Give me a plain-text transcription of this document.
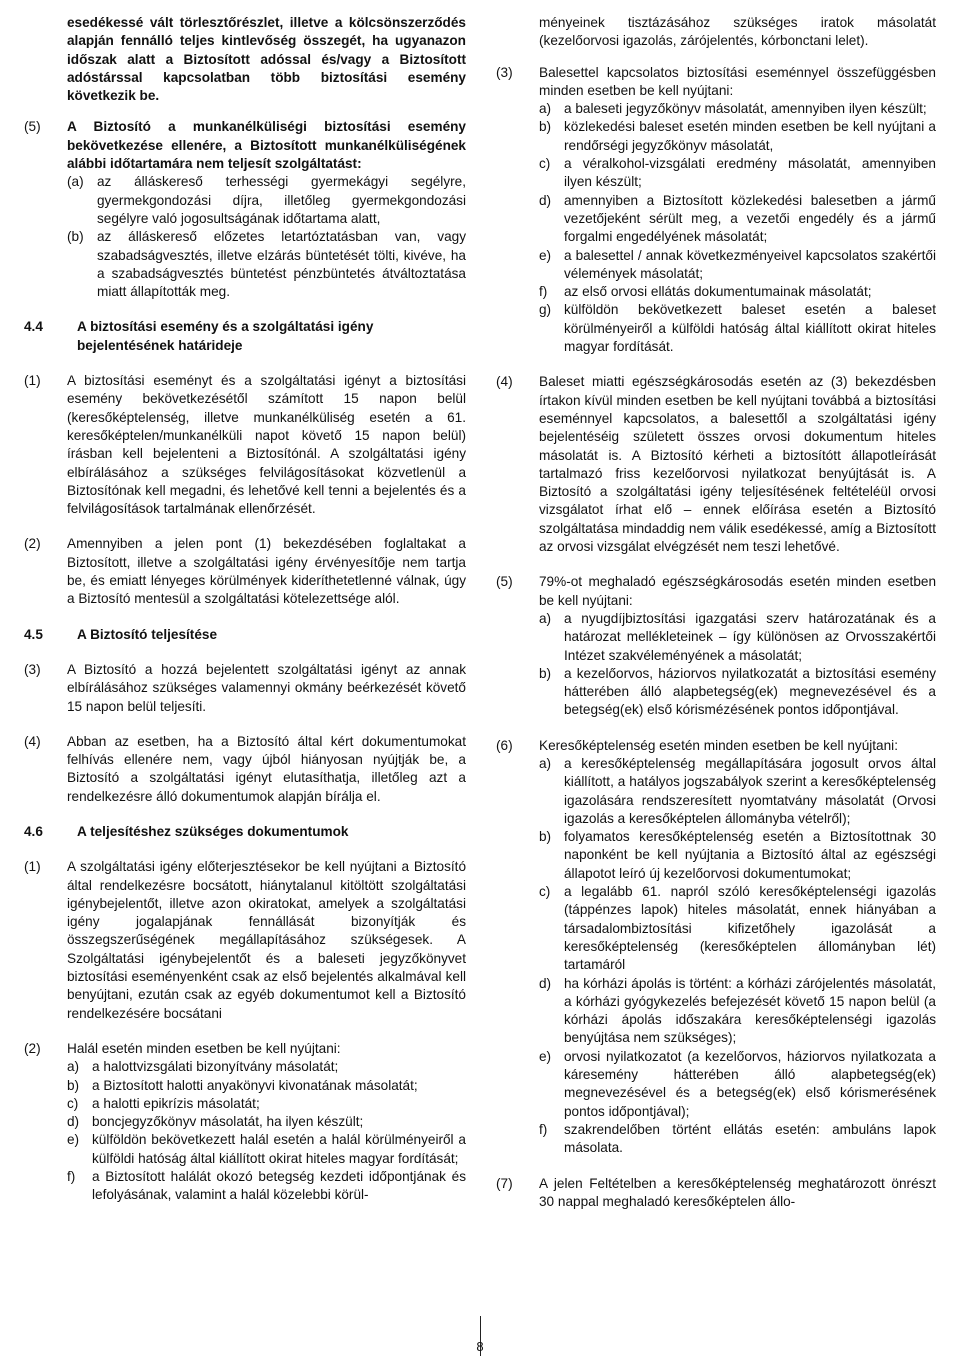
esedékessé vált törlesztőrészlet, illetve a kölcsönszerződés alapján fennálló teljes kintlevőség összegét, ha ugyanazon időszak alatt a Biztosított adóssal és/vagy a Biztosított adóstárssal kapcsolatban több biztosítási esemény következik be.

(5)	A Biztosító a munkanélküliségi biztosítási esemény bekövetkezése ellenére, a Biztosított munkanélküliségének alábbi időtartamára nem teljesít szolgáltatást:

(a) az álláskereső terhességi gyermekágyi segélyre, gyermekgondozási díjra, illetőleg gyermekgondozási segélyre való jogosultságának időtartama alatt,
(b) az álláskereső előzetes letartóztatásban van, vagy szabadságvesztés, illetve elzárás büntetését tölti, kivéve, ha a szabadságvesztés büntetést pénzbüntetés átváltoztatása miatt állapították meg.
4.4	A biztosítási esemény és a szolgáltatási igény bejelentésének határideje
(1)	A biztosítási eseményt és a szolgáltatási igényt a biztosítási esemény bekövetkezésétől számított 15 napon belül (keresőképtelenség, illetve munkanélküliség esetén a 61. keresőképtelen/munkanélküli napot követő 15 napon belül) írásban kell bejelenteni a Biztosítónál. A szolgáltatási igény elbírálásához a szükséges felvilágosításokat közvetlenül a Biztosítónak kell megadni, és lehetővé kell tenni a bejelentés és a felvilágosítások tartalmának ellenőrzését.

(2)	Amennyiben a jelen pont (1) bekezdésében foglaltakat a Biztosított, illetve a szolgáltatási igény érvényesítője nem tartja be, és emiatt lényeges körülmények kideríthetetlenné válnak, úgy a Biztosító mentesül a szolgáltatási kötelezettsége alól.

4.5	A Biztosító teljesítése
(3)	A Biztosító a hozzá bejelentett szolgáltatási igényt az annak elbírálásához szükséges valamennyi okmány beérkezését követő 15 napon belül teljesíti.

(4)	Abban az esetben, ha a Biztosító által kért dokumentumokat felhívás ellenére nem, vagy újból hiányosan nyújtják be, a Biztosító a szolgáltatási igényt elutasíthatja, illetőleg azt a rendelkezésre álló dokumentumok alapján bírálja el.

4.6	A teljesítéshez szükséges dokumentumok
(1)	A szolgáltatási igény előterjesztésekor be kell nyújtani a Biztosító által rendelkezésre bocsátott, hiánytalanul kitöltött szolgáltatási igénybejelentőt, illetve azon okiratokat, amelyek a szolgáltatási igény jogalapjának fennállását bizonyítják és összegszerűségének megállapításához szükségesek. A Szolgáltatási igénybejelentőt és a baleseti jegyzőkönyvet biztosítási eseményenként csak az első bejelentés alkalmával kell benyújtani, ezután csak az egyéb dokumentumot kell a Biztosító rendelkezésére bocsátani

(2)	Halál esetén minden esetben be kell nyújtani:

a) a halottvizsgálati bizonyítvány másolatát;
b) a Biztosított halotti anyakönyvi kivonatának másolatát;
c)	a halotti epikrízis másolatát;
d) boncjegyzőkönyv másolatát, ha ilyen készült;
e) külföldön bekövetkezett halál esetén a halál körülményeiről a külföldi hatóság által kiállított okirat hiteles magyar fordítását;
f)	a Biztosított halálát okozó betegség kezdeti időpontjának és lefolyásának, valamint a halál közelebbi körül-

ményeinek tisztázásához szükséges iratok másolatát (kezelőorvosi igazolás, zárójelentés, kórbonctani lelet).

(3)	Balesettel kapcsolatos biztosítási eseménnyel összefüggésben minden esetben be kell nyújtani:

a) a baleseti jegyzőkönyv másolatát, amennyiben ilyen készült;
b) közlekedési baleset esetén minden esetben be kell nyújtani a rendőrségi jegyzőkönyv másolatát,
c)	a véralkohol-vizsgálati eredmény másolatát, amennyiben ilyen készült;
d) amennyiben a Biztosított közlekedési balesetben a jármű vezetőjeként sérült meg, a vezetői engedély és a jármű forgalmi engedélyének másolatát;
e) a balesettel / annak következményeivel kapcsolatos szakértői vélemények másolatát;
f)	az első orvosi ellátás dokumentumainak másolatát;
g) külföldön bekövetkezett baleset esetén a baleset körülményeiről a külföldi hatóság által kiállított okirat hiteles magyar fordítását.
(4)	Baleset miatti egészségkárosodás esetén az (3) bekezdésben írtakon kívül minden esetben be kell nyújtani továbbá a biztosítási eseménnyel kapcsolatos, a balesettől a szolgáltatási igény bejelentéséig született összes orvosi dokumentum hiteles másolatát is. A Biztosító kérheti a biztosítótt állapotleírását tartalmazó friss kezelőorvosi nyilatkozat benyújtását is. A Biztosító a szolgáltatási igény teljesítésének feltételéül orvosi vizsgálatot írhat elő – ennek előírása esetén a Biztosító szolgáltatása mindaddig nem válik esedékessé, amíg a Biztosított az orvosi vizsgálat elvégzését nem teszi lehetővé.

(5)	79%-ot meghaladó egészségkárosodás esetén minden esetben be kell nyújtani:

a) a nyugdíjbiztosítási igazgatási szerv határozatának és a határozat mellékleteinek – így különösen az Orvosszakértői Intézet szakvéleményének a másolatát;
b) a kezelőorvos, háziorvos nyilatkozatát a biztosítási esemény hátterében álló alapbetegség(ek) megnevezésével és a betegség(ek) első kórismézésének pontos időpontjával.
(6)	Keresőképtelenség esetén minden esetben be kell nyújtani:

a) a keresőképtelenség megállapítására jogosult orvos által kiállított, a hatályos jogszabályok szerint a keresőképtelenség igazolására rendszeresített nyomtatvány másolatát (Orvosi igazolás a keresőképtelen állományba vételről);
b) folyamatos keresőképtelenség esetén a Biztosítottnak 30 naponként be kell nyújtania a Biztosító által az egészségi állapotot leíró új kezelőorvosi dokumentumokat;
c)	a legalább 61. napról szóló keresőképtelenségi igazolás (táppénzes lapok) hiteles másolatát, ennek hiányában a társadalombiztosítási kifizetőhely igazolását a keresőképtelenség (keresőképtelen állományban lét) tartamáról
d) ha kórházi ápolás is történt: a kórházi zárójelentés másolatát, a kórházi gyógykezelés befejezését követő 15 napon belül (a kórházi ápolás időszakára keresőképtelenségi igazolás benyújtása nem szükséges);
e) orvosi nyilatkozatot (a kezelőorvos, háziorvos nyilatkozata a káresemény hátterében álló alapbetegség(ek) megnevezésével és a betegség(ek) első kórismerésének pontos időpontjával);
f)	szakrendelőben történt ellátás esetén: ambuláns lapok másolata.
(7)	A jelen Feltételben a keresőképtelenség meghatározott önrészt 30 nappal meghaladó keresőképtelen állo-

8
